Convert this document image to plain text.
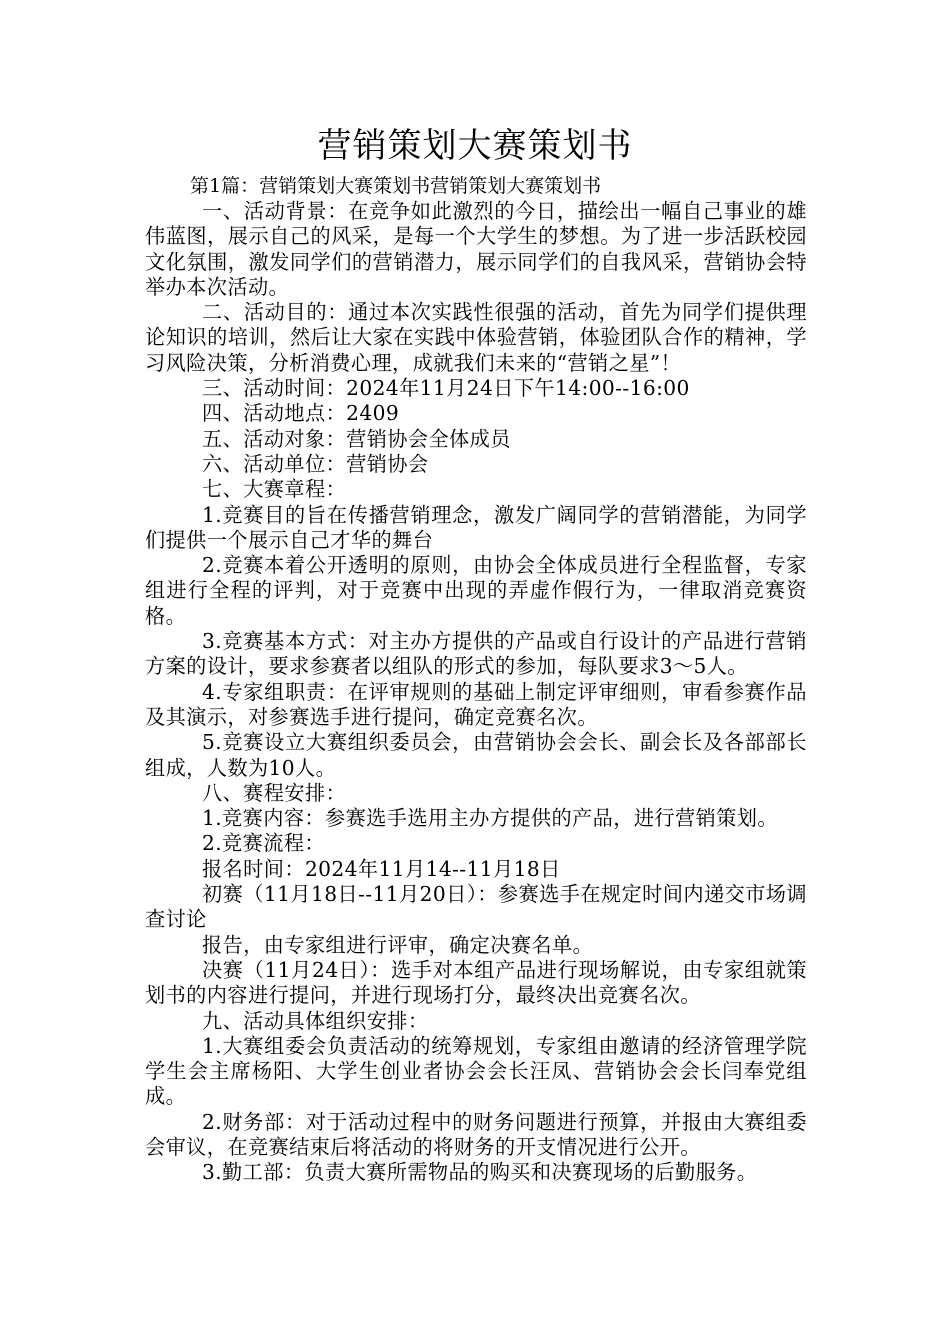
营销策划大赛策划书
第1篇：营销策划大赛策划书营销策划大赛策划书

一、活动背景：在竞争如此激烈的今日，描绘出一幅自己事业的雄伟蓝图，展示自己的风采，是每一个大学生的梦想。为了进一步活跃校园文化氛围，激发同学们的营销潜力，展示同学们的自我风采，营销协会特举办本次活动。

二、活动目的：通过本次实践性很强的活动，首先为同学们提供理论知识的培训，然后让大家在实践中体验营销，体验团队合作的精神，学习风险决策，分析消费心理，成就我们未来的“营销之星”！

三、活动时间：2024年11月24日下午14:00--16:00

四、活动地点：2409

五、活动对象：营销协会全体成员

六、活动单位：营销协会

七、大赛章程：

1.竞赛目的旨在传播营销理念，激发广阔同学的营销潜能，为同学们提供一个展示自己才华的舞台

2.竞赛本着公开透明的原则，由协会全体成员进行全程监督，专家组进行全程的评判，对于竞赛中出现的弄虚作假行为，一律取消竞赛资格。

3.竞赛基本方式：对主办方提供的产品或自行设计的产品进行营销方案的设计，要求参赛者以组队的形式的参加，每队要求3～5人。

4.专家组职责：在评审规则的基础上制定评审细则，审看参赛作品及其演示，对参赛选手进行提问，确定竞赛名次。

5.竞赛设立大赛组织委员会，由营销协会会长、副会长及各部部长组成，人数为10人。

八、赛程安排：

1.竞赛内容：参赛选手选用主办方提供的产品，进行营销策划。

2.竞赛流程：

报名时间：2024年11月14--11月18日

初赛（11月18日--11月20日）：参赛选手在规定时间内递交市场调查讨论

报告，由专家组进行评审，确定决赛名单。

决赛（11月24日）：选手对本组产品进行现场解说，由专家组就策划书的内容进行提问，并进行现场打分，最终决出竞赛名次。

九、活动具体组织安排：

1.大赛组委会负责活动的统筹规划，专家组由邀请的经济管理学院学生会主席杨阳、大学生创业者协会会长汪凤、营销协会会长闫奉党组成。

2.财务部：对于活动过程中的财务问题进行预算，并报由大赛组委会审议，在竞赛结束后将活动的将财务的开支情况进行公开。

3.勤工部：负责大赛所需物品的购买和决赛现场的后勤服务。
